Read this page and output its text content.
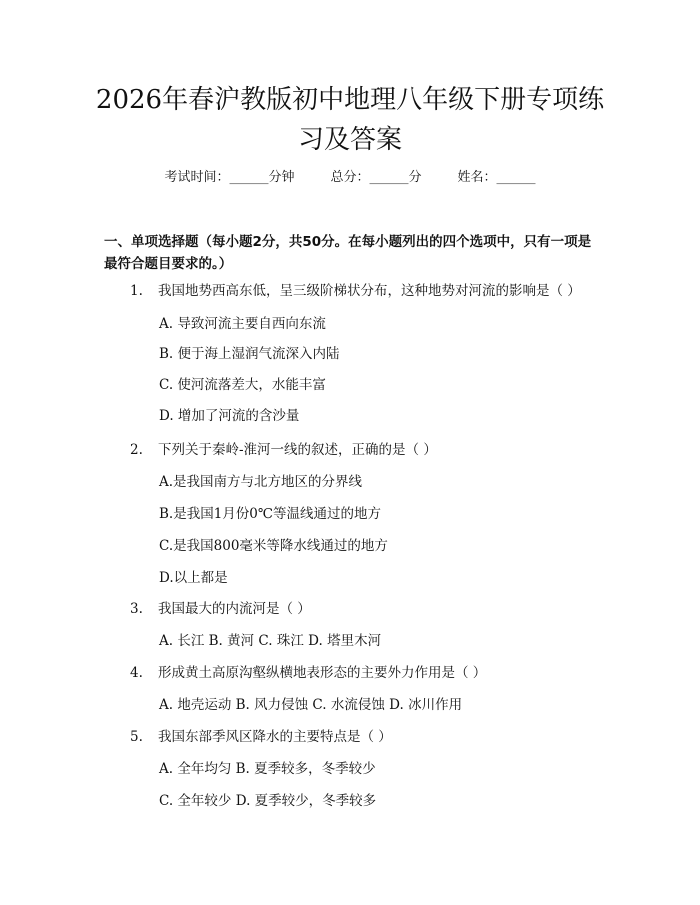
2026年春沪教版初中地理八年级下册专项练习及答案
考试时间：______分钟	总分：______分	姓名：______
一、单项选择题（每小题2分，共50分。在每小题列出的四个选项中，只有一项是最符合题目要求的。）
1. 我国地势西高东低，呈三级阶梯状分布，这种地势对河流的影响是（ ）
A. 导致河流主要自西向东流
B. 便于海上湿润气流深入内陆
C. 使河流落差大，水能丰富
D. 增加了河流的含沙量
2. 下列关于秦岭-淮河一线的叙述，正确的是（ ）
A.是我国南方与北方地区的分界线
B.是我国1月份0℃等温线通过的地方
C.是我国800毫米等降水线通过的地方
D.以上都是
3. 我国最大的内流河是（ ）
A. 长江 B. 黄河 C. 珠江 D. 塔里木河
4. 形成黄土高原沟壑纵横地表形态的主要外力作用是（ ）
A. 地壳运动 B. 风力侵蚀 C. 水流侵蚀 D. 冰川作用
5. 我国东部季风区降水的主要特点是（ ）
A. 全年均匀 B. 夏季较多，冬季较少
C. 全年较少 D. 夏季较少，冬季较多
